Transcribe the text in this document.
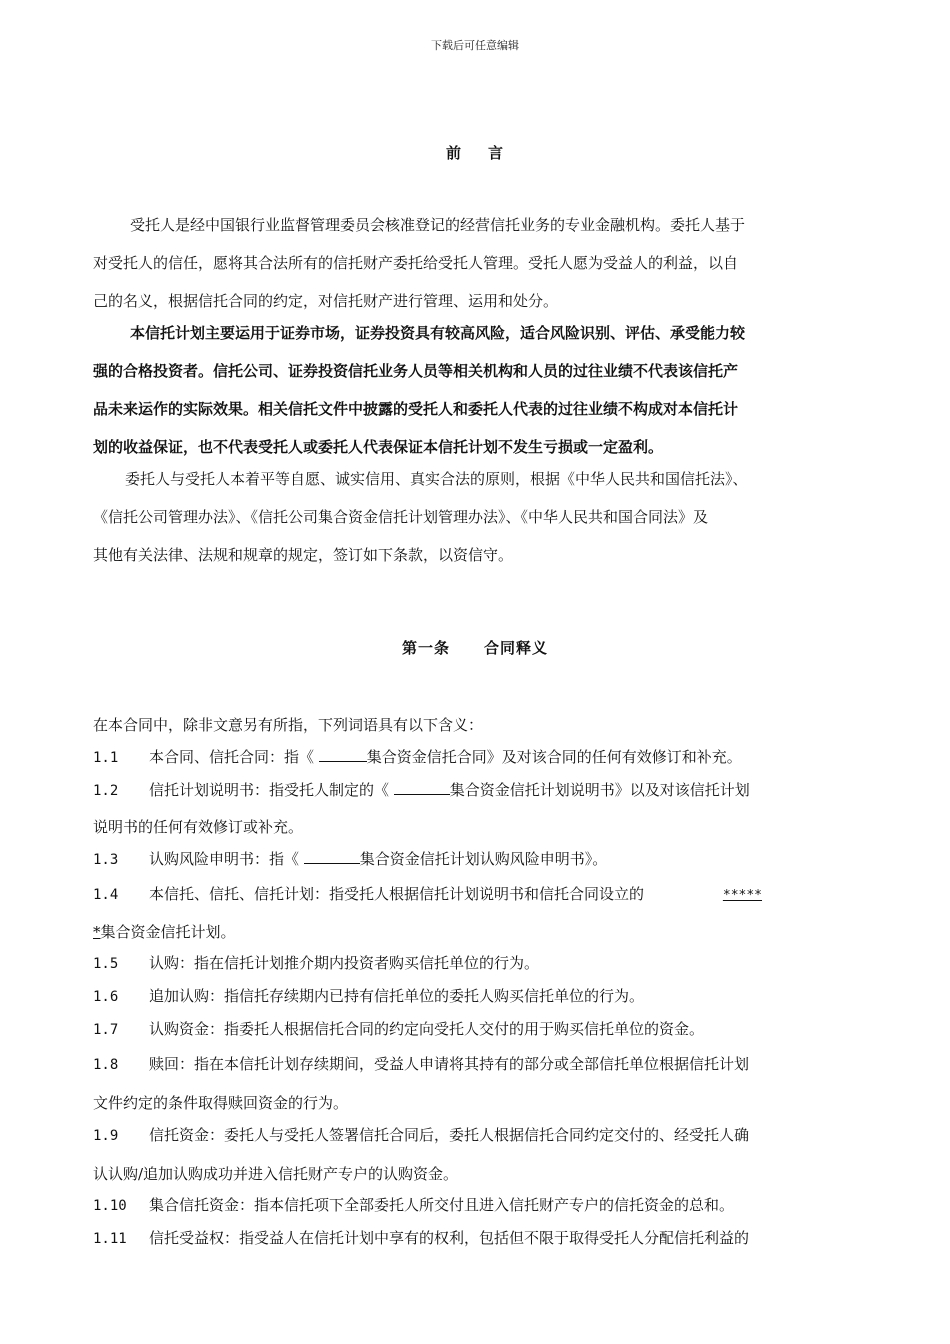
下载后可任意编辑
前 言
受托人是经中国银行业监督管理委员会核准登记的经营信托业务的专业金融机构。委托人基于
对受托人的信任，愿将其合法所有的信托财产委托给受托人管理。受托人愿为受益人的利益，以自
己的名义，根据信托合同的约定，对信托财产进行管理、运用和处分。
本信托计划主要运用于证券市场，证券投资具有较高风险，适合风险识别、评估、承受能力较
强的合格投资者。信托公司、证券投资信托业务人员等相关机构和人员的过往业绩不代表该信托产
品未来运作的实际效果。相关信托文件中披露的受托人和委托人代表的过往业绩不构成对本信托计
划的收益保证，也不代表受托人或委托人代表保证本信托计划不发生亏损或一定盈利。
委托人与受托人本着平等自愿、诚实信用、真实合法的原则，根据《中华人民共和国信托法》、
《信托公司管理办法》、《信托公司集合资金信托计划管理办法》、《中华人民共和国合同法》及
其他有关法律、法规和规章的规定，签订如下条款，以资信守。
第一条 合同释义
在本合同中，除非文意另有所指，下列词语具有以下含义：
1.1 本合同、信托合同：指《	集合资金信托合同》及对该合同的任何有效修订和补充。
1.2 信托计划说明书：指受托人制定的《	集合资金信托计划说明书》以及对该信托计划
说明书的任何有效修订或补充。
1.3 认购风险申明书：指《	集合资金信托计划认购风险申明书》。
1.4 本信托、信托、信托计划：指受托人根据信托计划说明书和信托合同设立的	*****
*集合资金信托计划。
1.5 认购：指在信托计划推介期内投资者购买信托单位的行为。
1.6 追加认购：指信托存续期内已持有信托单位的委托人购买信托单位的行为。
1.7 认购资金：指委托人根据信托合同的约定向受托人交付的用于购买信托单位的资金。
1.8 赎回：指在本信托计划存续期间，受益人申请将其持有的部分或全部信托单位根据信托计划
文件约定的条件取得赎回资金的行为。
1.9 信托资金：委托人与受托人签署信托合同后，委托人根据信托合同约定交付的、经受托人确
认认购/追加认购成功并进入信托财产专户的认购资金。
1.10 集合信托资金：指本信托项下全部委托人所交付且进入信托财产专户的信托资金的总和。
1.11 信托受益权：指受益人在信托计划中享有的权利，包括但不限于取得受托人分配信托利益的
